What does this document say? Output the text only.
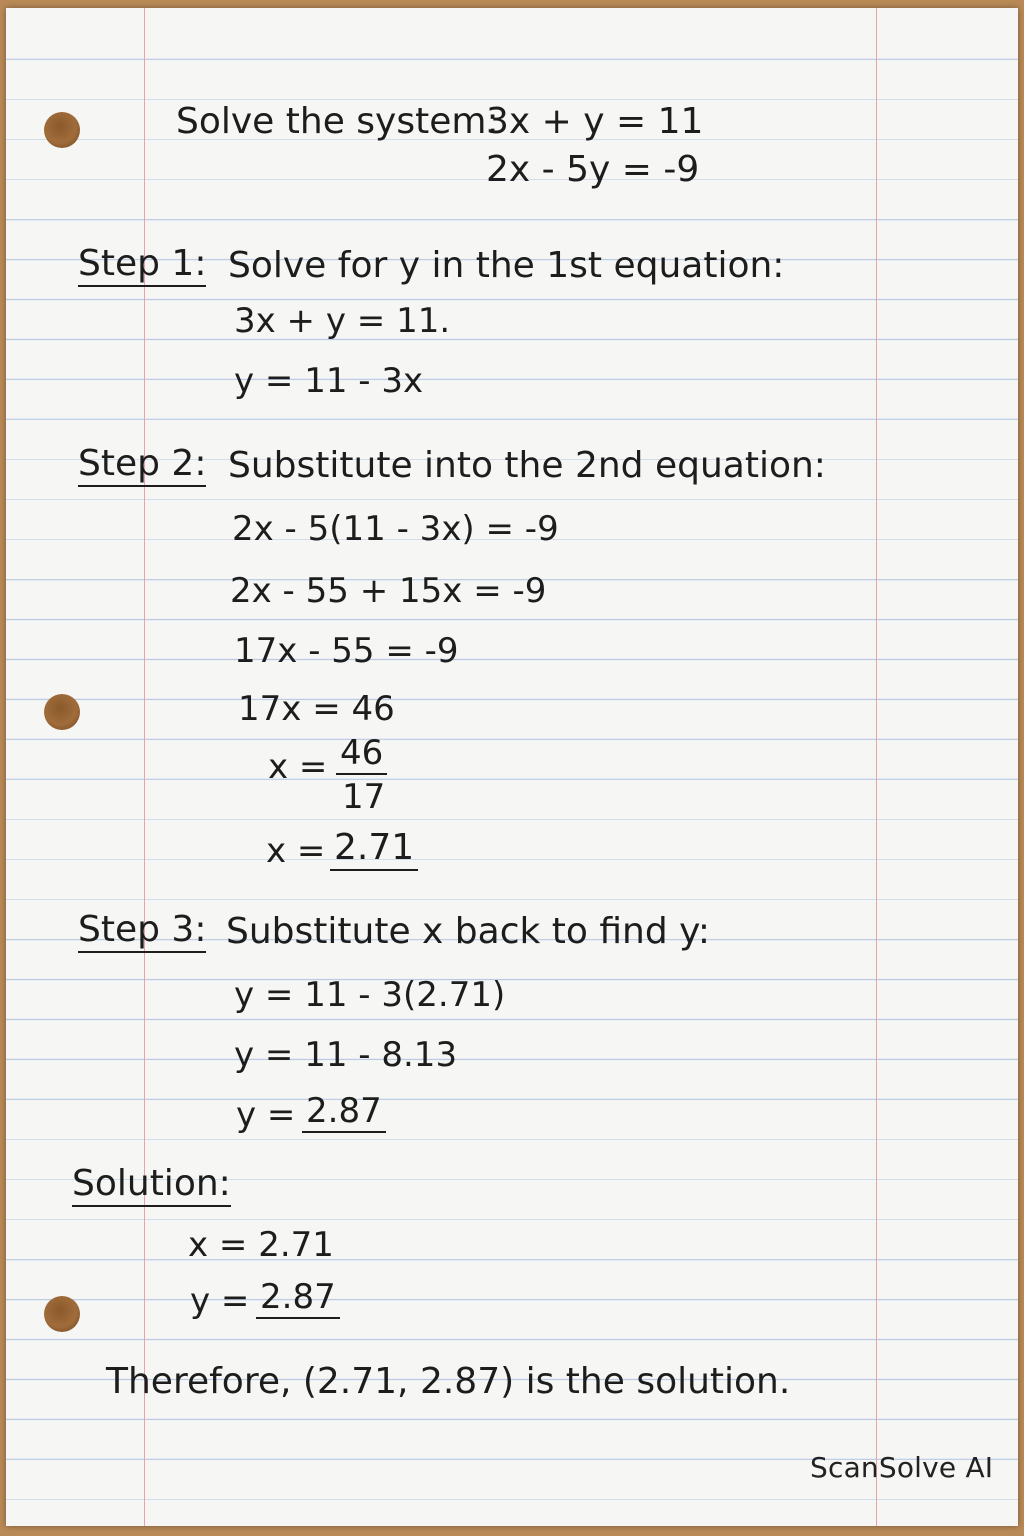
Solve the system:
3x + y = 11
2x - 5y = -9
Step 1: Solve for y in the 1st equation:
3x + y = 11.
y = 11 - 3x
Step 2: Substitute into the 2nd equation:
2x - 5(11 - 3x) = -9
2x - 55 + 15x = -9
17x - 55 = -9
17x = 46
x = 46
17
x = 2.71
Step 3: Substitute x back to find y:
y = 11 - 3(2.71)
y = 11 - 8.13
y = 2.87
Solution:
x = 2.71
y = 2.87
Therefore, (2.71, 2.87) is the solution.
ScanSolve AI
